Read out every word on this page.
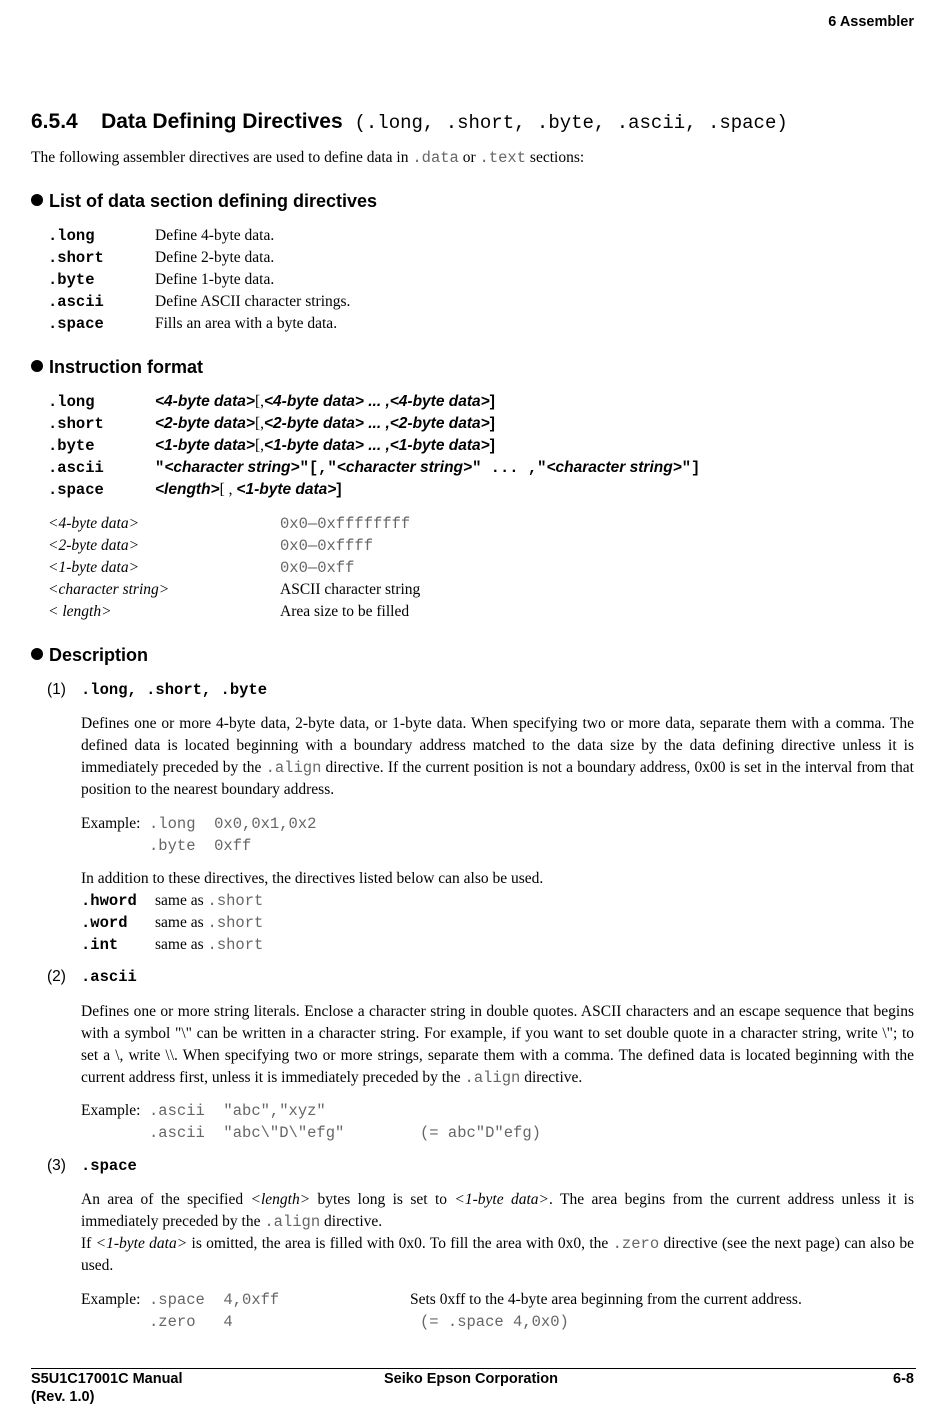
6 Assembler
6.5.4 Data Defining Directives (.long, .short, .byte, .ascii, .space)
The following assembler directives are used to define data in .data or .text sections:
List of data section defining directives
.long	Define 4-byte data.
.short	Define 2-byte data.
.byte	Define 1-byte data.
.ascii	Define ASCII character strings.
.space	Fills an area with a byte data.
Instruction format
.long	<4-byte data>[,<4-byte data> ... ,<4-byte data>]
.short	<2-byte data>[,<2-byte data> ... ,<2-byte data>]
.byte	<1-byte data>[,<1-byte data> ... ,<1-byte data>]
.ascii	"<character string>"[,"<character string>" ... ,"<character string>"]
.space	<length>[ , <1-byte data>]
<4-byte data>	0x0—0xffffffff
<2-byte data>	0x0—0xffff
<1-byte data>	0x0—0xff
<character string>	ASCII character string
< length>	Area size to be filled
Description
(1) .long, .short, .byte
Defines one or more 4-byte data, 2-byte data, or 1-byte data. When specifying two or more data, separate them with a comma. The defined data is located beginning with a boundary address matched to the data size by the data defining directive unless it is immediately preceded by the .align directive. If the current position is not a boundary address, 0x00 is set in the interval from that position to the nearest boundary address.
Example: .long 0x0,0x1,0x2
.byte 0xff
In addition to these directives, the directives listed below can also be used.
.hword same as .short
.word same as .short
.int same as .short
(2) .ascii
Defines one or more string literals. Enclose a character string in double quotes. ASCII characters and an escape sequence that begins with a symbol "\" can be written in a character string. For example, if you want to set double quote in a character string, write \"; to set a \, write \\. When specifying two or more strings, separate them with a comma. The defined data is located beginning with the current address first, unless it is immediately preceded by the .align directive.
Example: .ascii "abc","xyz"
.ascii "abc\"D\"efg"	(= abc"D"efg)
(3) .space
An area of the specified <length> bytes long is set to <1-byte data>. The area begins from the current address unless it is immediately preceded by the .align directive.
If <1-byte data> is omitted, the area is filled with 0x0. To fill the area with 0x0, the .zero directive (see the next page) can also be used.
Example: .space 4,0xff	Sets 0xff to the 4-byte area beginning from the current address.
.zero 4	(= .space 4,0x0)
S5U1C17001C Manual
(Rev. 1.0)
Seiko Epson Corporation	6-8
